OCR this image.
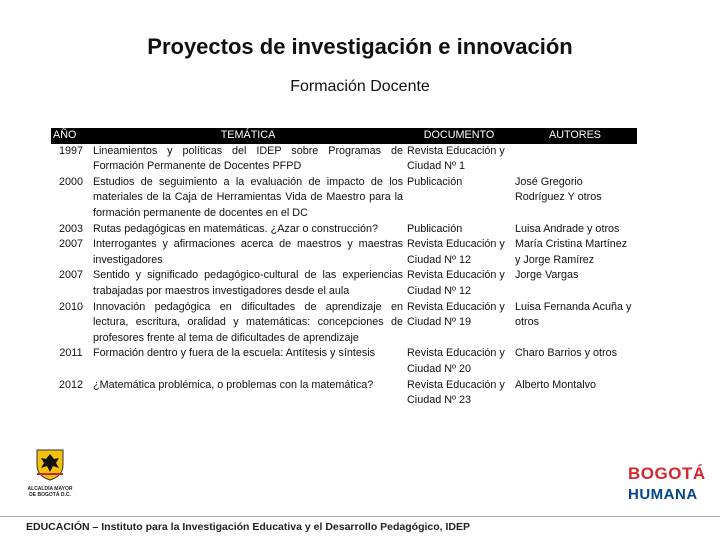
Proyectos de investigación e innovación
Formación Docente
AÑO	TEMÁTICA	DOCUMENTO	AUTORES
1997	Lineamientos y políticas del IDEP sobre Programas de Formación Permanente de Docentes PFPD	Revista Educación y Ciudad Nº 1	
2000	Estudios de seguimiento a la evaluación de impacto de los materiales de la Caja de Herramientas Vida de Maestro para la formación permanente de docentes en el DC	Publicación	José Gregorio Rodríguez Y otros
2003	Rutas pedagógicas en matemáticas. ¿Azar o construcción?	Publicación	Luisa Andrade y otros
2007	Interrogantes y afirmaciones acerca de maestros y maestras investigadores	Revista Educación y Ciudad Nº 12	María Cristina Martínez y Jorge Ramírez
2007	Sentido y significado pedagógico-cultural de las experiencias trabajadas por maestros investigadores desde el aula	Revista Educación y Ciudad Nº 12	Jorge Vargas
2010	Innovación pedagógica en dificultades de aprendizaje en lectura, escritura, oralidad y matemáticas: concepciones de profesores frente al tema de dificultades de aprendizaje	Revista Educación y Ciudad Nº 19	Luisa Fernanda Acuña y otros
2011	Formación dentro y fuera de la escuela: Antítesis y síntesis	Revista Educación y Ciudad Nº 20	Charo Barrios y otros
2012	¿Matemática problémica, o problemas con la matemática?	Revista Educación y Ciudad Nº 23	Alberto Montalvo
ALCALDÍA MAYOR DE BOGOTÁ D.C.
EDUCACIÓN – Instituto para la Investigación Educativa y el Desarrollo Pedagógico, IDEP
BOGOTÁ
HUMANA
